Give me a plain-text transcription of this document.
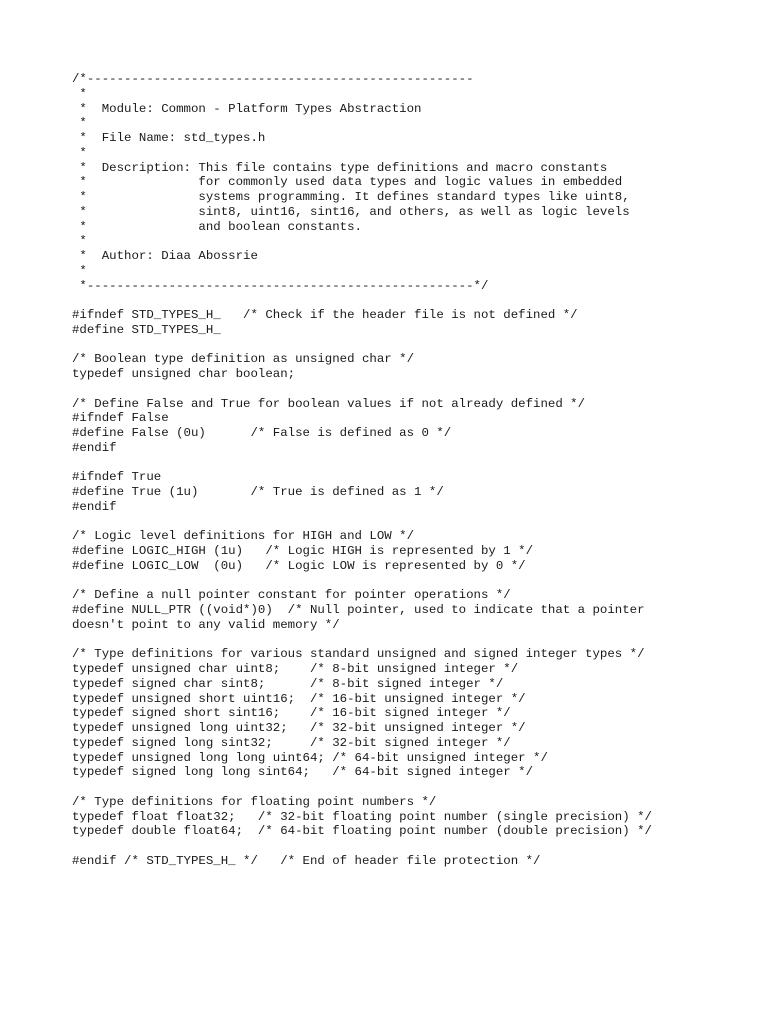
/*----------------------------------------------------
*
*  Module: Common - Platform Types Abstraction
*
*  File Name: std_types.h
*
*  Description: This file contains type definitions and macro constants
*               for commonly used data types and logic values in embedded
*               systems programming. It defines standard types like uint8,
*               sint8, uint16, sint16, and others, as well as logic levels
*               and boolean constants.
*
*  Author: Diaa Abossrie
*
*----------------------------------------------------*/
#ifndef STD_TYPES_H_   /* Check if the header file is not defined */
#define STD_TYPES_H_
/* Boolean type definition as unsigned char */
typedef unsigned char boolean;
/* Define False and True for boolean values if not already defined */
#ifndef False
#define False (0u)      /* False is defined as 0 */
#endif
#ifndef True
#define True (1u)       /* True is defined as 1 */
#endif
/* Logic level definitions for HIGH and LOW */
#define LOGIC_HIGH (1u)   /* Logic HIGH is represented by 1 */
#define LOGIC_LOW  (0u)   /* Logic LOW is represented by 0 */
/* Define a null pointer constant for pointer operations */
#define NULL_PTR ((void*)0)  /* Null pointer, used to indicate that a pointer
doesn't point to any valid memory */
/* Type definitions for various standard unsigned and signed integer types */
typedef unsigned char uint8;    /* 8-bit unsigned integer */
typedef signed char sint8;      /* 8-bit signed integer */
typedef unsigned short uint16;  /* 16-bit unsigned integer */
typedef signed short sint16;    /* 16-bit signed integer */
typedef unsigned long uint32;   /* 32-bit unsigned integer */
typedef signed long sint32;     /* 32-bit signed integer */
typedef unsigned long long uint64; /* 64-bit unsigned integer */
typedef signed long long sint64;   /* 64-bit signed integer */
/* Type definitions for floating point numbers */
typedef float float32;   /* 32-bit floating point number (single precision) */
typedef double float64;  /* 64-bit floating point number (double precision) */
#endif /* STD_TYPES_H_ */   /* End of header file protection */
